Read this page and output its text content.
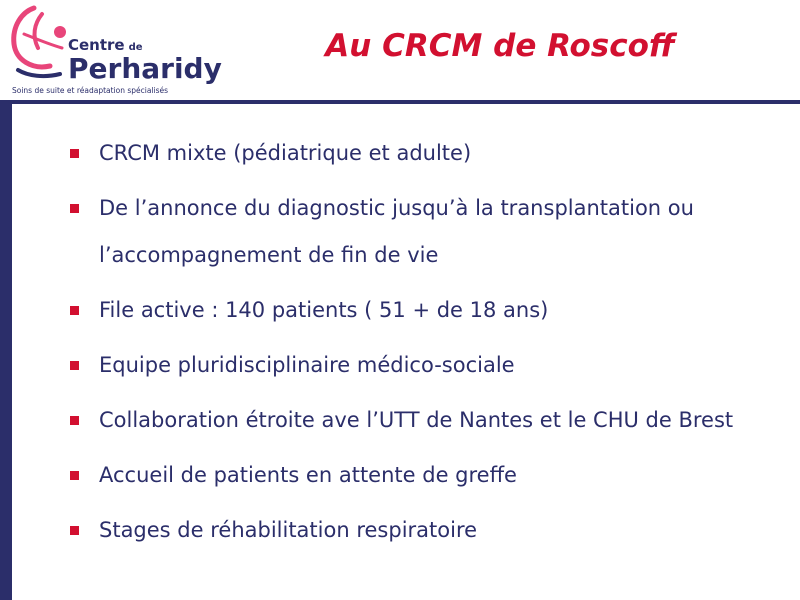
Centre de
Perharidy
Soins de suite et réadaptation spécialisés
Au CRCM de Roscoff
CRCM mixte (pédiatrique et adulte)
De l’annonce du diagnostic jusqu’à la transplantation ou l’accompagnement de fin de vie
File active : 140 patients ( 51 + de 18 ans)
Equipe pluridisciplinaire médico-sociale
Collaboration étroite ave l’UTT de Nantes et le CHU de Brest
Accueil de patients en attente de greffe
Stages de réhabilitation respiratoire
